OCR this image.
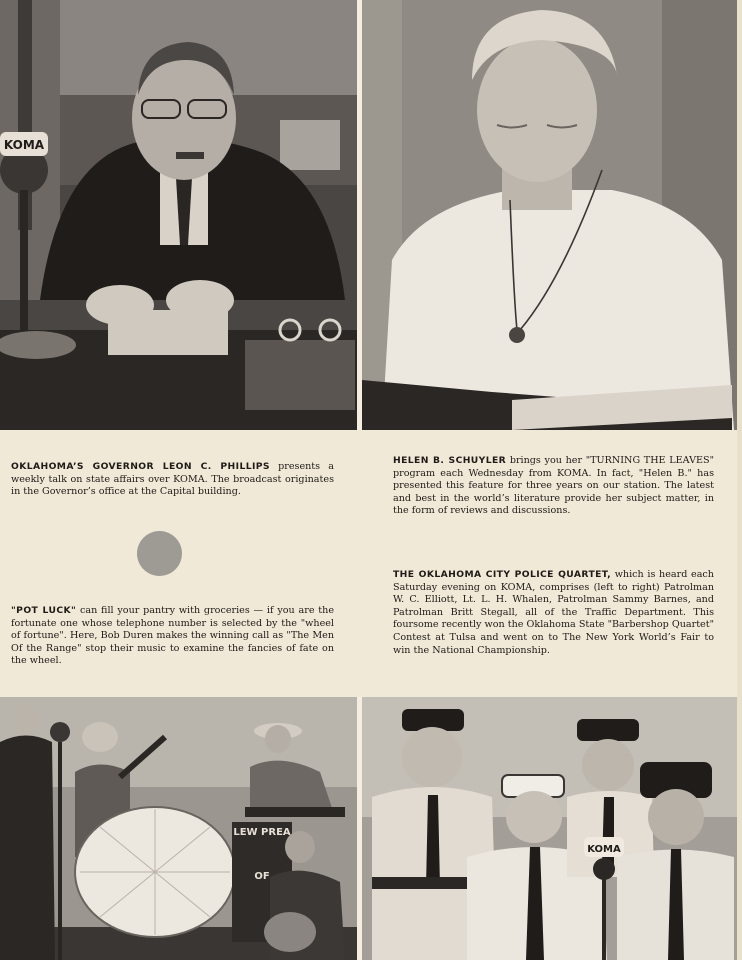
KOMA
OKLAHOMA’S GOVERNOR LEON C. PHILLIPS presents a weekly talk on state affairs over KOMA. The broadcast originates in the Governor’s office at the Capital building.
HELEN B. SCHUYLER brings you her "TURNING THE LEAVES" program each Wednesday from KOMA. In fact, "Helen B." has presented this feature for three years on our station. The latest and best in the world’s literature provide her subject matter, in the form of reviews and discussions.
THE OKLAHOMA CITY POLICE QUARTET, which is heard each Saturday evening on KOMA, comprises (left to right) Patrolman W. C. Elliott, Lt. L. H. Whalen, Patrolman Sammy Barnes, and Patrolman Britt Stegall, all of the Traffic Department. This foursome recently won the Oklahoma State "Barbershop Quartet" Contest at Tulsa and went on to The New York World’s Fair to win the National Championship.
"POT LUCK" can fill your pantry with groceries — if you are the fortunate one whose telephone number is selected by the "wheel of fortune". Here, Bob Duren makes the winning call as "The Men Of the Range" stop their music to examine the fancies of fate on the wheel.
LEW PREA
OF
KOMA
